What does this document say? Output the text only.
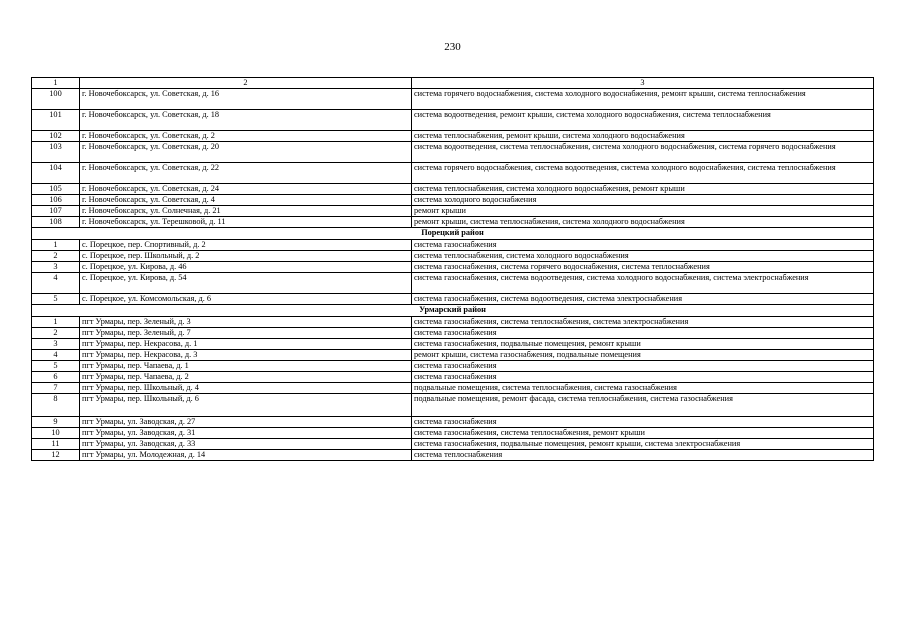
230
1	2	3
100	г. Новочебоксарск, ул. Советская, д. 16	система горячего водоснабжения, система холодного водоснабжения, ремонт крыши, система теплоснабжения
101	г. Новочебоксарск, ул. Советская, д. 18	система водоотведения, ремонт крыши, система холодного водоснабжения, система теплоснабжения
102	г. Новочебоксарск, ул. Советская, д. 2	система теплоснабжения, ремонт крыши, система холодного водоснабжения
103	г. Новочебоксарск, ул. Советская, д. 20	система водоотведения, система теплоснабжения, система холодного водоснабжения, система горячего водоснабжения
104	г. Новочебоксарск, ул. Советская, д. 22	система горячего водоснабжения, система водоотведения, система холодного водоснабжения, система теплоснабжения
105	г. Новочебоксарск, ул. Советская, д. 24	система теплоснабжения, система холодного водоснабжения, ремонт крыши
106	г. Новочебоксарск, ул. Советская, д. 4	система холодного водоснабжения
107	г. Новочебоксарск, ул. Солнечная, д. 21	ремонт крыши
108	г. Новочебоксарск, ул. Терешковой, д. 11	ремонт крыши, система теплоснабжения, система холодного водоснабжения
Порецкий район		
1	с. Порецкое, пер. Спортивный, д. 2	система газоснабжения
2	с. Порецкое, пер. Школьный, д. 2	система теплоснабжения, система холодного водоснабжения
3	с. Порецкое, ул. Кирова, д. 46	система газоснабжения, система горячего водоснабжения, система теплоснабжения
4	с. Порецкое, ул. Кирова, д. 54	система газоснабжения, система водоотведения, система холодного водоснабжения, система электроснабжения
5	с. Порецкое, ул. Комсомольская, д. 6	система газоснабжения, система водоотведения, система электроснабжения
Урмарский район		
1	пгт Урмары, пер. Зеленый, д. 3	система газоснабжения, система теплоснабжения, система электроснабжения
2	пгт Урмары, пер. Зеленый, д. 7	система газоснабжения
3	пгт Урмары, пер. Некрасова, д. 1	система газоснабжения, подвальные помещения, ремонт крыши
4	пгт Урмары, пер. Некрасова, д. 3	ремонт крыши, система газоснабжения, подвальные помещения
5	пгт Урмары, пер. Чапаева, д. 1	система газоснабжения
6	пгт Урмары, пер. Чапаева, д. 2	система газоснабжения
7	пгт Урмары, пер. Школьный, д. 4	подвальные помещения, система теплоснабжения, система газоснабжения
8	пгт Урмары, пер. Школьный, д. 6	подвальные помещения, ремонт фасада, система теплоснабжения, система газоснабжения
9	пгт Урмары, ул. Заводская, д. 27	система газоснабжения
10	пгт Урмары, ул. Заводская, д. 31	система газоснабжения, система теплоснабжения, ремонт крыши
11	пгт Урмары, ул. Заводская, д. 33	система газоснабжения, подвальные помещения, ремонт крыши, система электроснабжения
12	пгт Урмары, ул. Молодежная, д. 14	система теплоснабжения
